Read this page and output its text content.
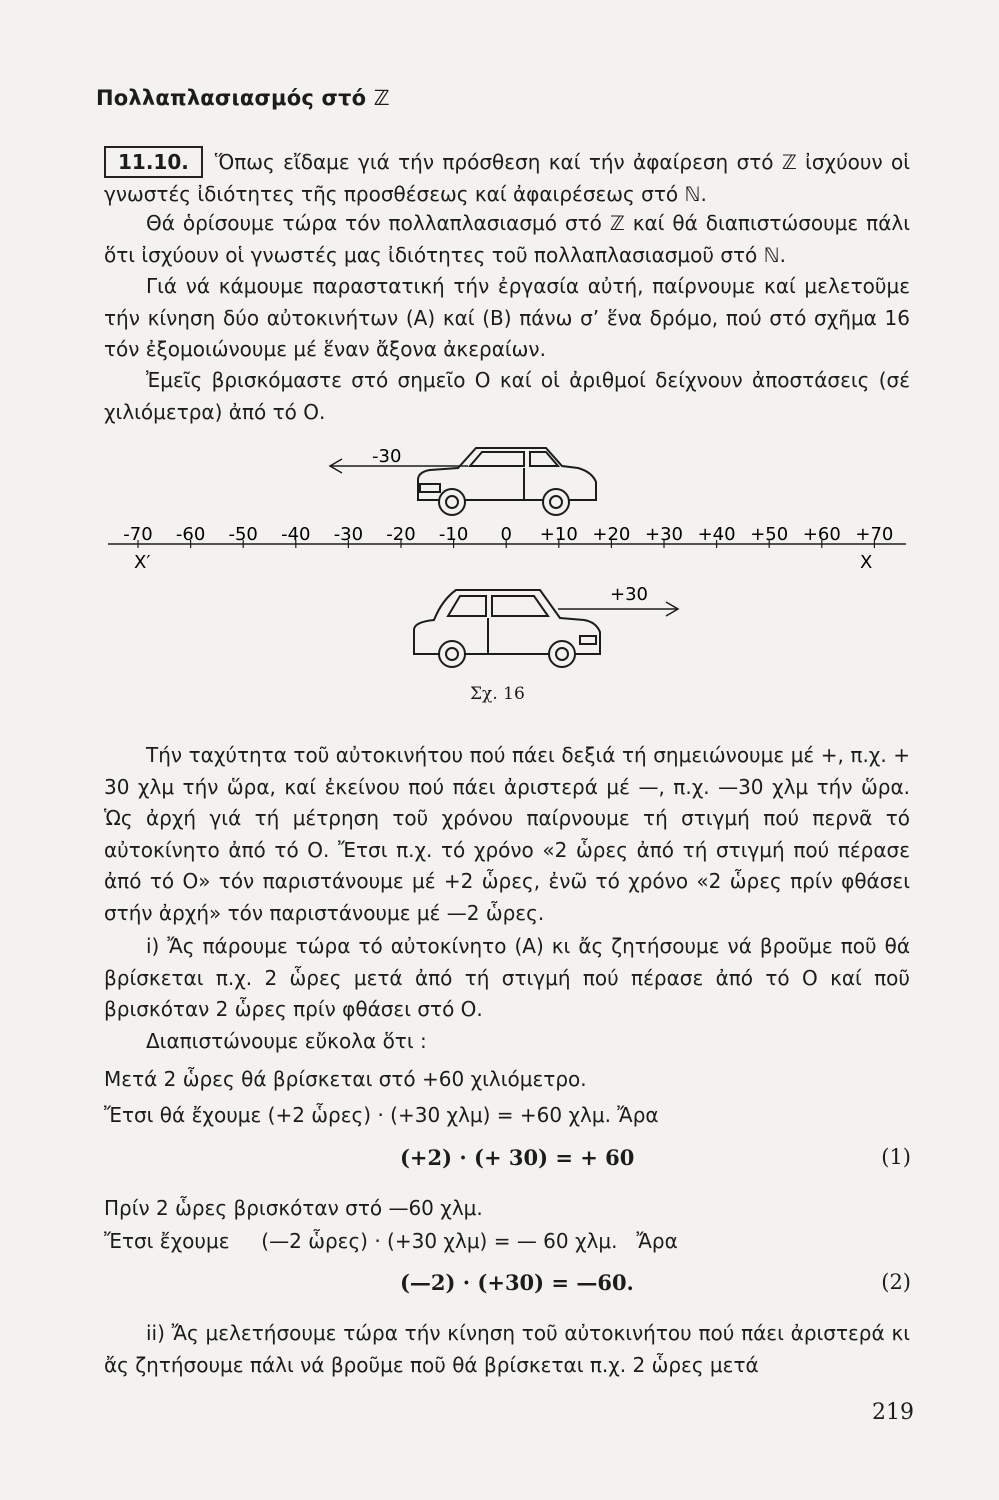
Πολλαπλασιασμός στό ℤ
11.10. Ὅπως εἴδαμε γιά τήν πρόσθεση καί τήν ἀφαίρεση στό ℤ ἰσχύουν οἱ γνωστές ἰδιότητες τῆς προσθέσεως καί ἀφαιρέσεως στό ℕ.
Θά ὁρίσουμε τώρα τόν πολλαπλασιασμό στό ℤ καί θά διαπιστώσουμε πάλι ὅτι ἰσχύουν οἱ γνωστές μας ἰδιότητες τοῦ πολλαπλασιασμοῦ στό ℕ.
Γιά νά κάμουμε παραστατική τήν ἐργασία αὐτή, παίρνουμε καί μελετοῦμε τήν κίνηση δύο αὐτοκινήτων (Α) καί (Β) πάνω σ’ ἕνα δρόμο, πού στό σχῆμα 16 τόν ἐξομοιώνουμε μέ ἕναν ἄξονα ἀκεραίων.
Ἐμεῖς βρισκόμαστε στό σημεῖο Ο καί οἱ ἀριθμοί δείχνουν ἀποστάσεις (σέ χιλιόμετρα) ἀπό τό Ο.
-30
-70 -60 -50 -40 -30 -20 -10 0 +10 +20 +30 +40 +50 +60 +70
X′	X
+30
Σχ. 16
Τήν ταχύτητα τοῦ αὐτοκινήτου πού πάει δεξιά τή σημειώνουμε μέ +, π.χ. + 30 χλμ τήν ὥρα, καί ἐκείνου πού πάει ἀριστερά μέ —, π.χ. —30 χλμ τήν ὥρα. Ὡς ἀρχή γιά τή μέτρηση τοῦ χρόνου παίρνουμε τή στιγμή πού περνᾶ τό αὐτοκίνητο ἀπό τό Ο. Ἔτσι π.χ. τό χρόνο «2 ὧρες ἀπό τή στιγμή πού πέρασε ἀπό τό Ο» τόν παριστάνουμε μέ +2 ὧρες, ἐνῶ τό χρόνο «2 ὧρες πρίν φθάσει στήν ἀρχή» τόν παριστάνουμε μέ —2 ὧρες.
i) Ἄς πάρουμε τώρα τό αὐτοκίνητο (Α) κι ἄς ζητήσουμε νά βροῦμε ποῦ θά βρίσκεται π.χ. 2 ὧρες μετά ἀπό τή στιγμή πού πέρασε ἀπό τό Ο καί ποῦ βρισκόταν 2 ὧρες πρίν φθάσει στό Ο.
Διαπιστώνουμε εὔκολα ὅτι :
Μετά 2 ὧρες θά βρίσκεται στό +60 χιλιόμετρο.
Ἔτσι θά ἔχουμε (+2 ὧρες) · (+30 χλμ) = +60 χλμ. Ἄρα
(+2) · (+ 30) = + 60	(1)
Πρίν 2 ὧρες βρισκόταν στό —60 χλμ.
Ἔτσι ἔχουμε     (—2 ὧρες) · (+30 χλμ) = — 60 χλμ.   Ἄρα
(—2) · (+30) = —60.	(2)
ii) Ἄς μελετήσουμε τώρα τήν κίνηση τοῦ αὐτοκινήτου πού πάει ἀριστερά κι ἄς ζητήσουμε πάλι νά βροῦμε ποῦ θά βρίσκεται π.χ. 2 ὧρες μετά
219
